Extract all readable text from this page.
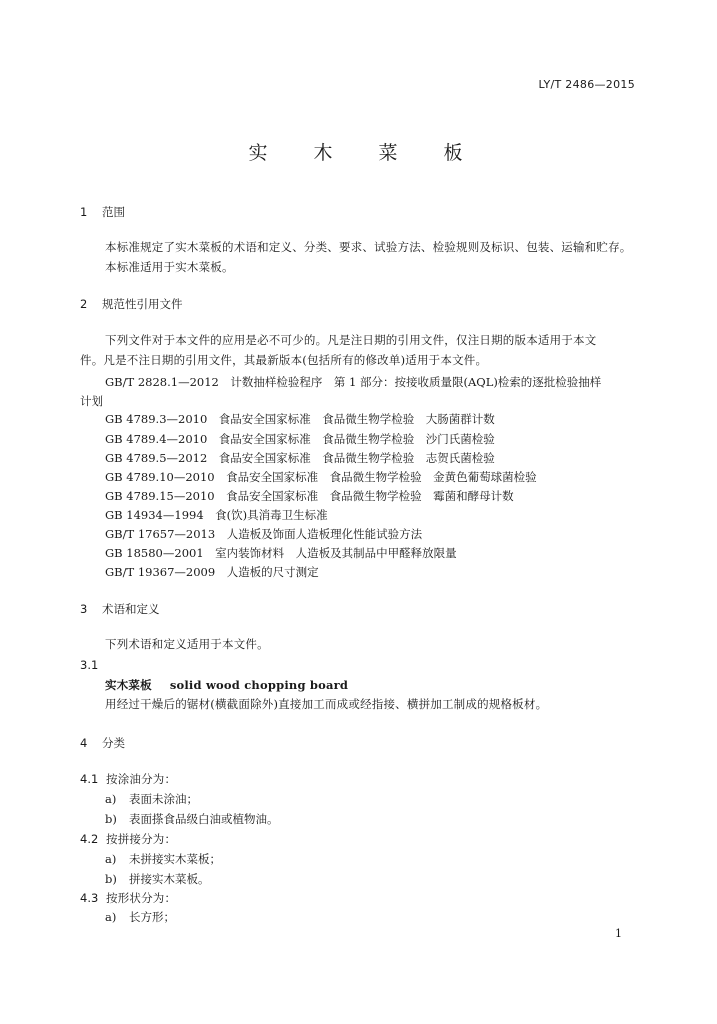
LY/T 2486—2015
实 木 菜 板
1 范围
本标准规定了实木菜板的术语和定义、分类、要求、试验方法、检验规则及标识、包装、运输和贮存。
本标准适用于实木菜板。
2 规范性引用文件
下列文件对于本文件的应用是必不可少的。凡是注日期的引用文件，仅注日期的版本适用于本文
件。凡是不注日期的引用文件，其最新版本(包括所有的修改单)适用于本文件。
GB/T 2828.1—2012　计数抽样检验程序　第 1 部分：按接收质量限(AQL)检索的逐批检验抽样
计划
GB 4789.3—2010　食品安全国家标准　食品微生物学检验　大肠菌群计数
GB 4789.4—2010　食品安全国家标准　食品微生物学检验　沙门氏菌检验
GB 4789.5—2012　食品安全国家标准　食品微生物学检验　志贺氏菌检验
GB 4789.10—2010　食品安全国家标准　食品微生物学检验　金黄色葡萄球菌检验
GB 4789.15—2010　食品安全国家标准　食品微生物学检验　霉菌和酵母计数
GB 14934—1994　食(饮)具消毒卫生标准
GB/T 17657—2013　人造板及饰面人造板理化性能试验方法
GB 18580—2001　室内装饰材料　人造板及其制品中甲醛释放限量
GB/T 19367—2009　人造板的尺寸测定
3 术语和定义
下列术语和定义适用于本文件。
3.1
实木菜板 solid wood chopping board
用经过干燥后的锯材(横截面除外)直接加工而成或经指接、横拼加工制成的规格板材。
4 分类
4.1 按涂油分为：
a) 表面未涂油；
b) 表面搽食品级白油或植物油。
4.2 按拼接分为：
a) 未拼接实木菜板；
b) 拼接实木菜板。
4.3 按形状分为：
a) 长方形；
1
